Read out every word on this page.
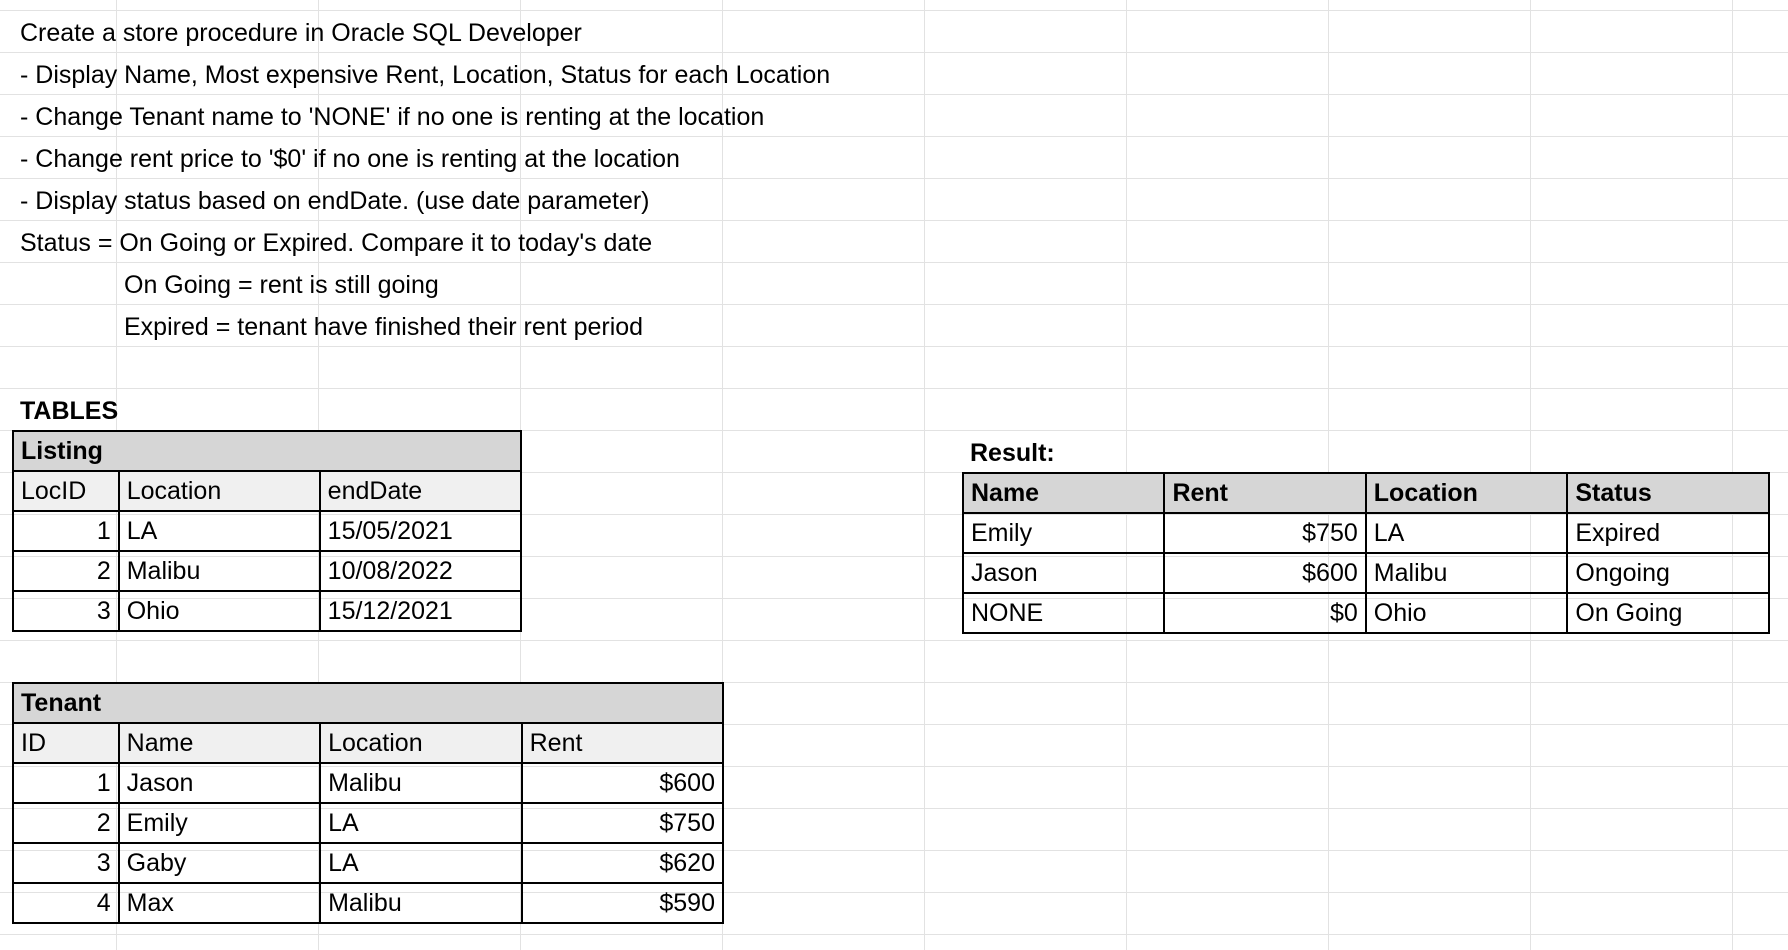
Create a store procedure in Oracle SQL Developer
- Display Name, Most expensive Rent, Location, Status for each Location
- Change Tenant name to 'NONE' if no one is renting at the location
- Change rent price to '$0' if no one is renting at the location
- Display status based on endDate. (use date parameter)
Status = On Going or Expired. Compare it to today's date
On Going = rent is still going
Expired = tenant have finished their rent period
TABLES
Result:
Listing		
LocID	Location	endDate
1	LA	15/05/2021
2	Malibu	10/08/2022
3	Ohio	15/12/2021
Tenant			
ID	Name	Location	Rent
1	Jason	Malibu	$600
2	Emily	LA	$750
3	Gaby	LA	$620
4	Max	Malibu	$590
Name	Rent	Location	Status
Emily	$750	LA	Expired
Jason	$600	Malibu	Ongoing
NONE	$0	Ohio	On Going
